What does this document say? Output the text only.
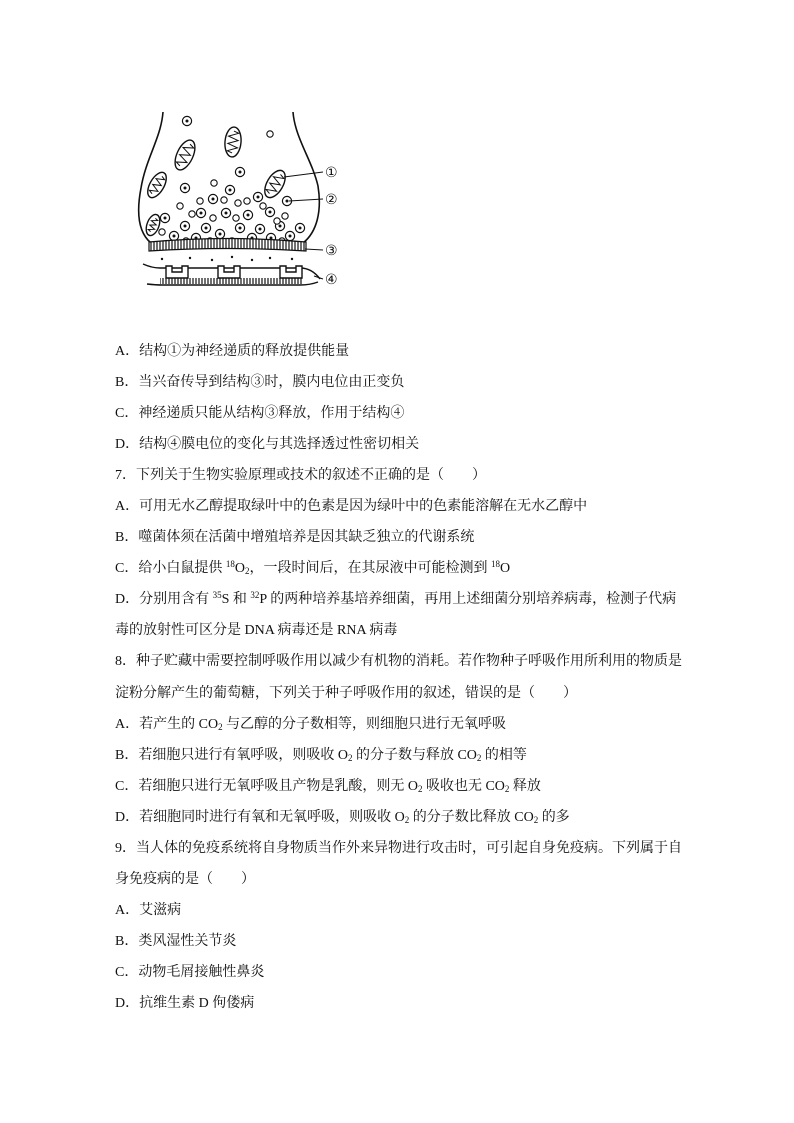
①
②
③
④
A．结构①为神经递质的释放提供能量
B．当兴奋传导到结构③时，膜内电位由正变负
C．神经递质只能从结构③释放，作用于结构④
D．结构④膜电位的变化与其选择透过性密切相关
7．下列关于生物实验原理或技术的叙述不正确的是（　　）
A．可用无水乙醇提取绿叶中的色素是因为绿叶中的色素能溶解在无水乙醇中
B．噬菌体须在活菌中增殖培养是因其缺乏独立的代谢系统
C．给小白鼠提供 $^{18}O_2$，一段时间后，在其尿液中可能检测到 $^{18}$O
D．分别用含有 $^{35}$S 和 $^{32}$P 的两种培养基培养细菌，再用上述细菌分别培养病毒，检测子代病
毒的放射性可区分是 DNA 病毒还是 RNA 病毒
8．种子贮藏中需要控制呼吸作用以减少有机物的消耗。若作物种子呼吸作用所利用的物质是
淀粉分解产生的葡萄糖，下列关于种子呼吸作用的叙述，错误的是（　　）
A．若产生的 $CO_2$ 与乙醇的分子数相等，则细胞只进行无氧呼吸
B．若细胞只进行有氧呼吸，则吸收 $O_2$ 的分子数与释放 $CO_2$ 的相等
C．若细胞只进行无氧呼吸且产物是乳酸，则无 $O_2$ 吸收也无 $CO_2$ 释放
D．若细胞同时进行有氧和无氧呼吸，则吸收 $O_2$ 的分子数比释放 $CO_2$ 的多
9．当人体的免疫系统将自身物质当作外来异物进行攻击时，可引起自身免疫病。下列属于自
身免疫病的是（　　）
A．艾滋病
B．类风湿性关节炎
C．动物毛屑接触性鼻炎
D．抗维生素 D 佝偻病
